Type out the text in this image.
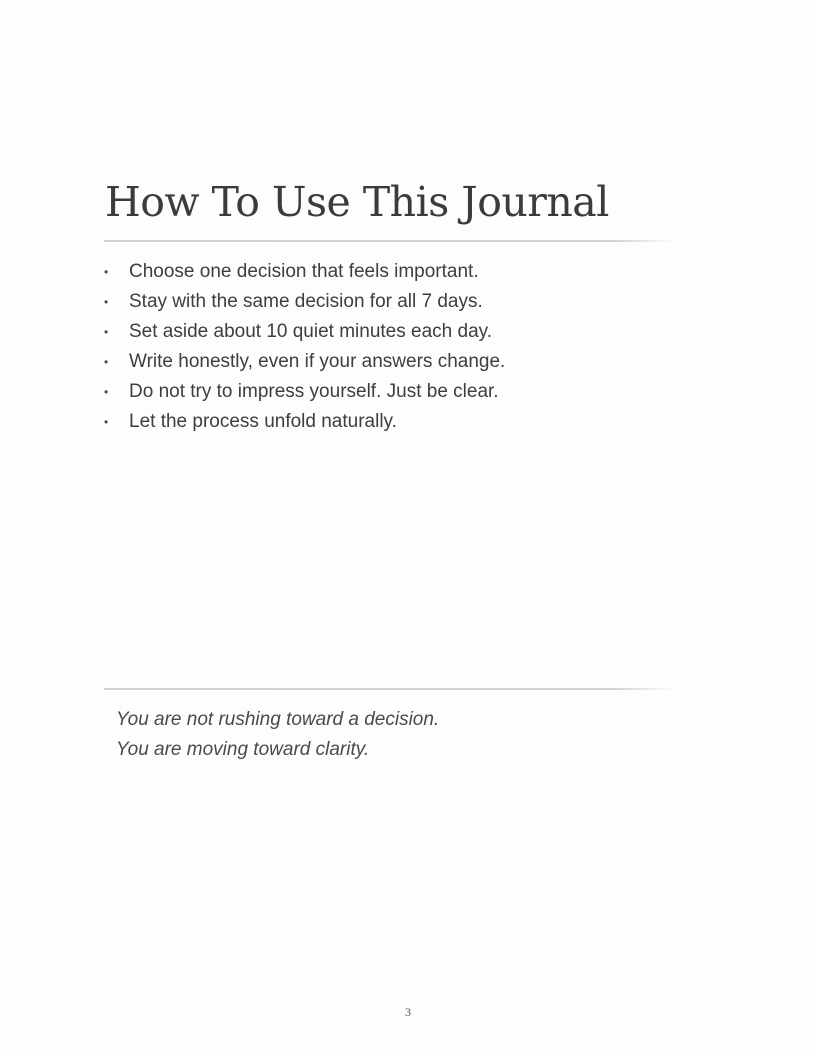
How To Use This Journal
• Choose one decision that feels important.
• Stay with the same decision for all 7 days.
• Set aside about 10 quiet minutes each day.
• Write honestly, even if your answers change.
• Do not try to impress yourself. Just be clear.
• Let the process unfold naturally.
You are not rushing toward a decision.
You are moving toward clarity.
3
